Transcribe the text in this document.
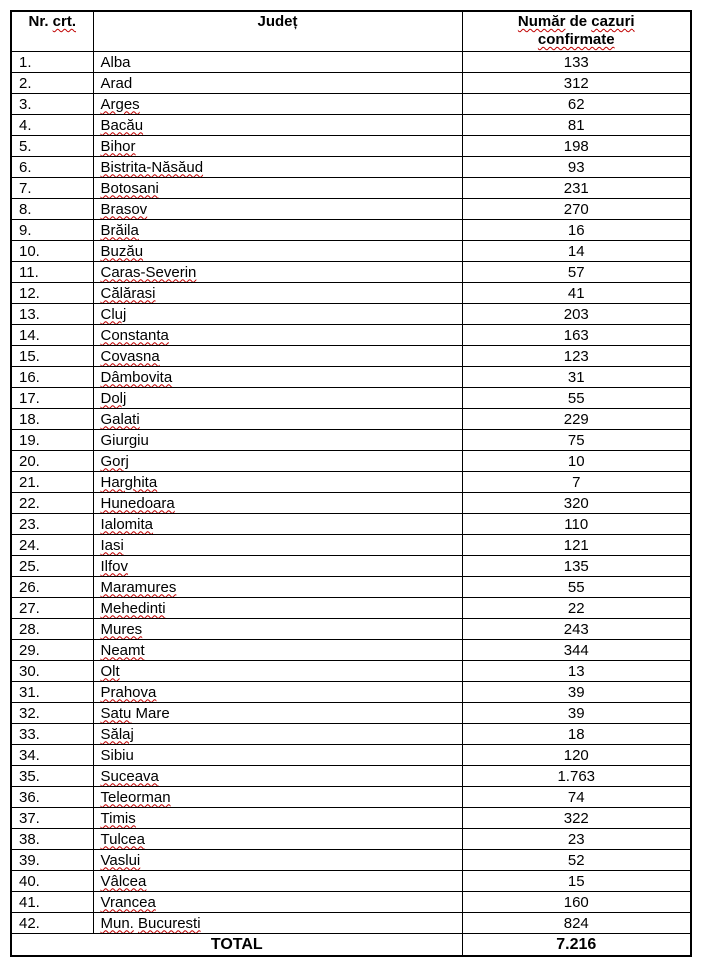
Nr. crt.	Județ	Număr de cazuri
confirmate

1.	Alba	133
2.	Arad	312
3.	Arges	62
4.	Bacău	81
5.	Bihor	198
6.	Bistrita-Năsăud	93
7.	Botosani	231
8.	Brasov	270
9.	Brăila	16
10.	Buzău	14
11.	Caras-Severin	57
12.	Călărasi	41
13.	Cluj	203
14.	Constanta	163
15.	Covasna	123
16.	Dâmbovita	31
17.	Dolj	55
18.	Galati	229
19.	Giurgiu	75
20.	Gorj	10
21.	Harghita	7
22.	Hunedoara	320
23.	Ialomita	110
24.	Iasi	121
25.	Ilfov	135
26.	Maramures	55
27.	Mehedinti	22
28.	Mures	243
29.	Neamt	344
30.	Olt	13
31.	Prahova	39
32.	Satu Mare	39
33.	Sălaj	18
34.	Sibiu	120
35.	Suceava	1.763
36.	Teleorman	74
37.	Timis	322
38.	Tulcea	23
39.	Vaslui	52
40.	Vâlcea	15
41.	Vrancea	160
42.	Mun. Bucuresti	824
TOTAL		7.216
